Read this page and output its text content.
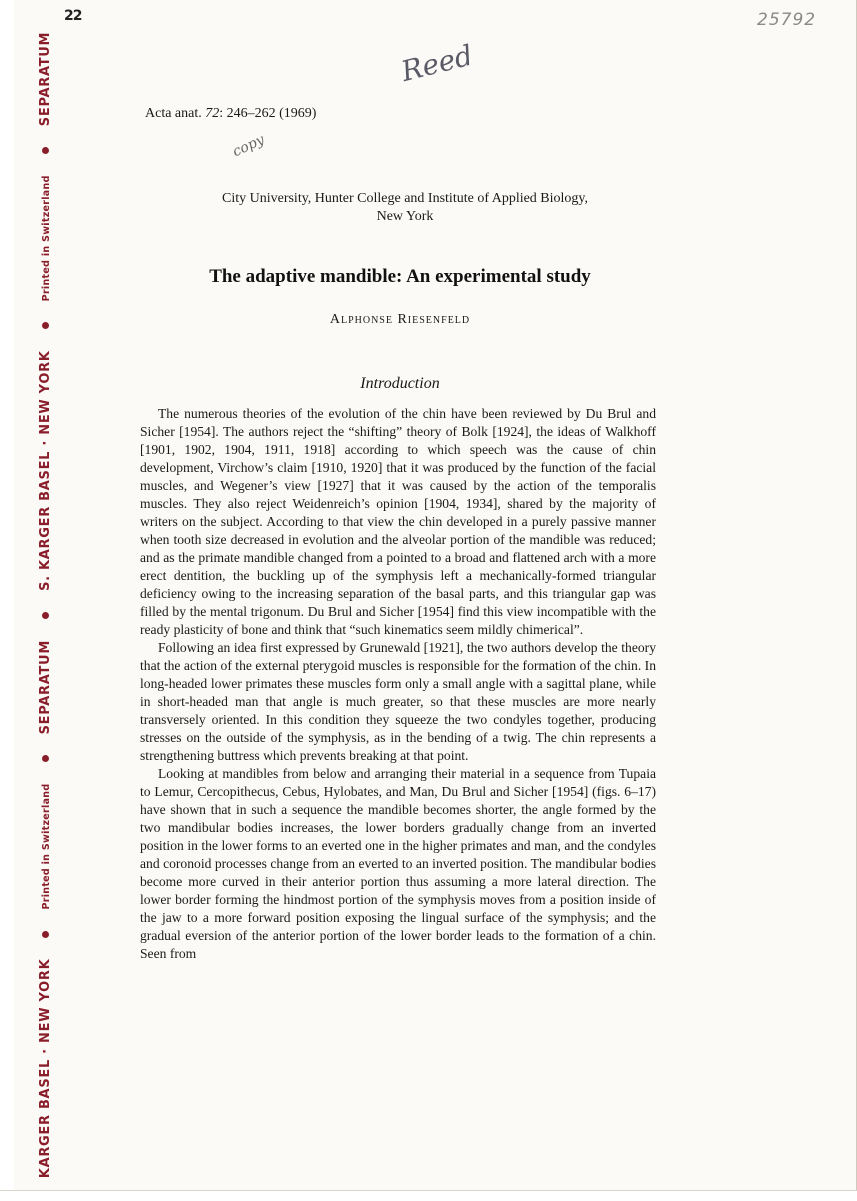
KARGER BASEL · NEW YORK  Printed in Switzerland  SEPARATUM  S. KARGER BASEL · NEW YORK  Printed in Switzerland  SEPARATUM
22	25792
Reed
copy
Acta anat. 72: 246–262 (1969)
City University, Hunter College and Institute of Applied Biology,
New York
The adaptive mandible: An experimental study
Alphonse Riesenfeld
Introduction

The numerous theories of the evolution of the chin have been reviewed by Du Brul and Sicher [1954]. The authors reject the “shifting” theory of Bolk [1924], the ideas of Walkhoff [1901, 1902, 1904, 1911, 1918] according to which speech was the cause of chin development, Virchow’s claim [1910, 1920] that it was produced by the function of the facial muscles, and Wegener’s view [1927] that it was caused by the action of the temporalis muscles. They also reject Weidenreich’s opinion [1904, 1934], shared by the majority of writers on the subject. According to that view the chin developed in a purely passive manner when tooth size decreased in evolution and the alveolar portion of the mandible was reduced; and as the primate mandible changed from a pointed to a broad and flattened arch with a more erect dentition, the buckling up of the symphysis left a mechanically-formed triangular deficiency owing to the increasing separation of the basal parts, and this triangular gap was filled by the mental trigonum. Du Brul and Sicher [1954] find this view incompatible with the ready plasticity of bone and think that “such kinematics seem mildly chimerical”.

Following an idea first expressed by Grunewald [1921], the two authors develop the theory that the action of the external pterygoid muscles is responsible for the formation of the chin. In long-headed lower primates these muscles form only a small angle with a sagittal plane, while in short-headed man that angle is much greater, so that these muscles are more nearly transversely oriented. In this condition they squeeze the two condyles together, producing stresses on the outside of the symphysis, as in the bending of a twig. The chin represents a strengthening buttress which prevents breaking at that point.

Looking at mandibles from below and arranging their material in a sequence from Tupaia to Lemur, Cercopithecus, Cebus, Hylobates, and Man, Du Brul and Sicher [1954] (figs. 6–17) have shown that in such a sequence the mandible becomes shorter, the angle formed by the two mandibular bodies increases, the lower borders gradually change from an inverted position in the lower forms to an everted one in the higher primates and man, and the condyles and coronoid processes change from an everted to an inverted position. The mandibular bodies become more curved in their anterior portion thus assuming a more lateral direction. The lower border forming the hindmost portion of the symphysis moves from a position inside of the jaw to a more forward position exposing the lingual surface of the symphysis; and the gradual eversion of the anterior portion of the lower border leads to the formation of a chin. Seen from
